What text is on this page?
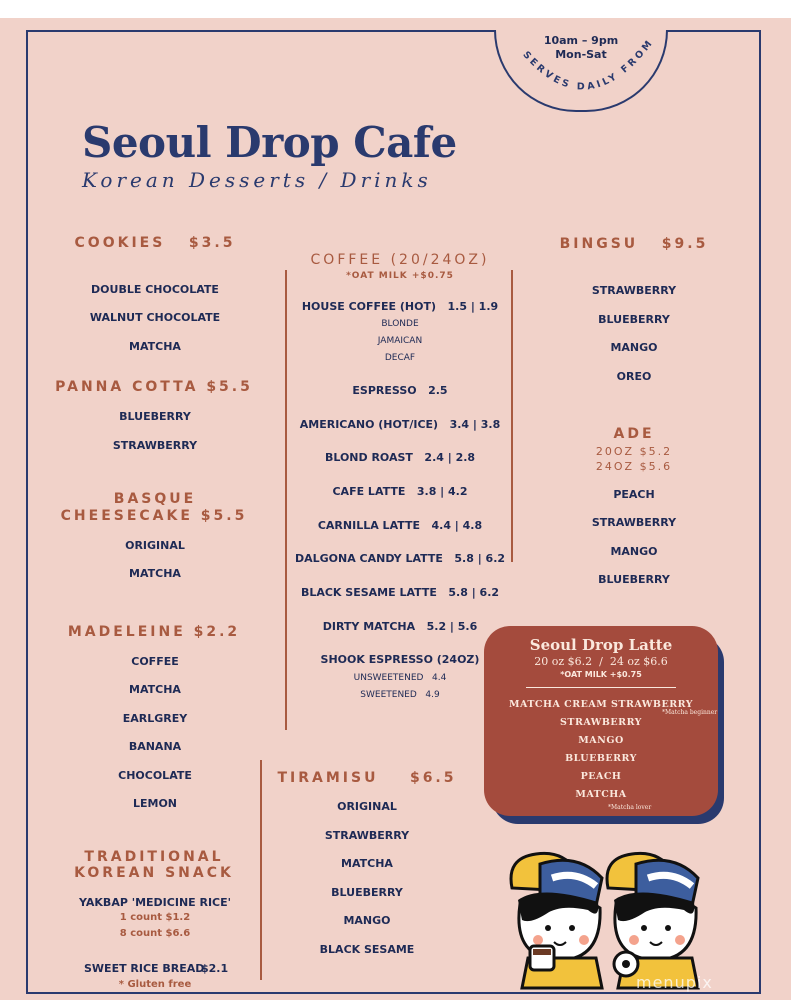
10am – 9pm
Mon-Sat
SERVES DAILY FROM
Seoul Drop Cafe
Korean Desserts / Drinks
COOKIES   $3.5
DOUBLE CHOCOLATE
WALNUT CHOCOLATE
MATCHA
PANNA COTTA $5.5
BLUEBERRY
STRAWBERRY
BASQUE
CHEESECAKE $5.5
ORIGINAL
MATCHA
MADELEINE $2.2
COFFEE
MATCHA
EARLGREY
BANANA
CHOCOLATE
LEMON
TRADITIONAL
KOREAN SNACK
YAKBAP 'MEDICINE RICE'
1 count $1.2
8 count $6.6
SWEET RICE BREAD
$2.1
* Gluten free
COFFEE (20/24OZ)
*OAT MILK +$0.75
HOUSE COFFEE (HOT)   1.5 | 1.9
BLONDE
JAMAICAN
DECAF
ESPRESSO   2.5
AMERICANO (HOT/ICE)   3.4 | 3.8
BLOND ROAST   2.4 | 2.8
CAFE LATTE   3.8 | 4.2
CARNILLA LATTE   4.4 | 4.8
DALGONA CANDY LATTE   5.8 | 6.2
BLACK SESAME LATTE   5.8 | 6.2
DIRTY MATCHA   5.2 | 5.6
SHOOK ESPRESSO (24OZ)
UNSWEETENED   4.4
SWEETENED   4.9
TIRAMISU    $6.5
ORIGINAL
STRAWBERRY
MATCHA
BLUEBERRY
MANGO
BLACK SESAME
BINGSU   $9.5
STRAWBERRY
BLUEBERRY
MANGO
OREO
ADE
20OZ $5.2
24OZ $5.6
PEACH
STRAWBERRY
MANGO
BLUEBERRY
Seoul Drop Latte
20 oz $6.2  /  24 oz $6.6
*OAT MILK +$0.75
MATCHA CREAM STRAWBERRY
*Matcha beginner
STRAWBERRY
MANGO
BLUEBERRY
PEACH
MATCHA
*Matcha lover
menupix
